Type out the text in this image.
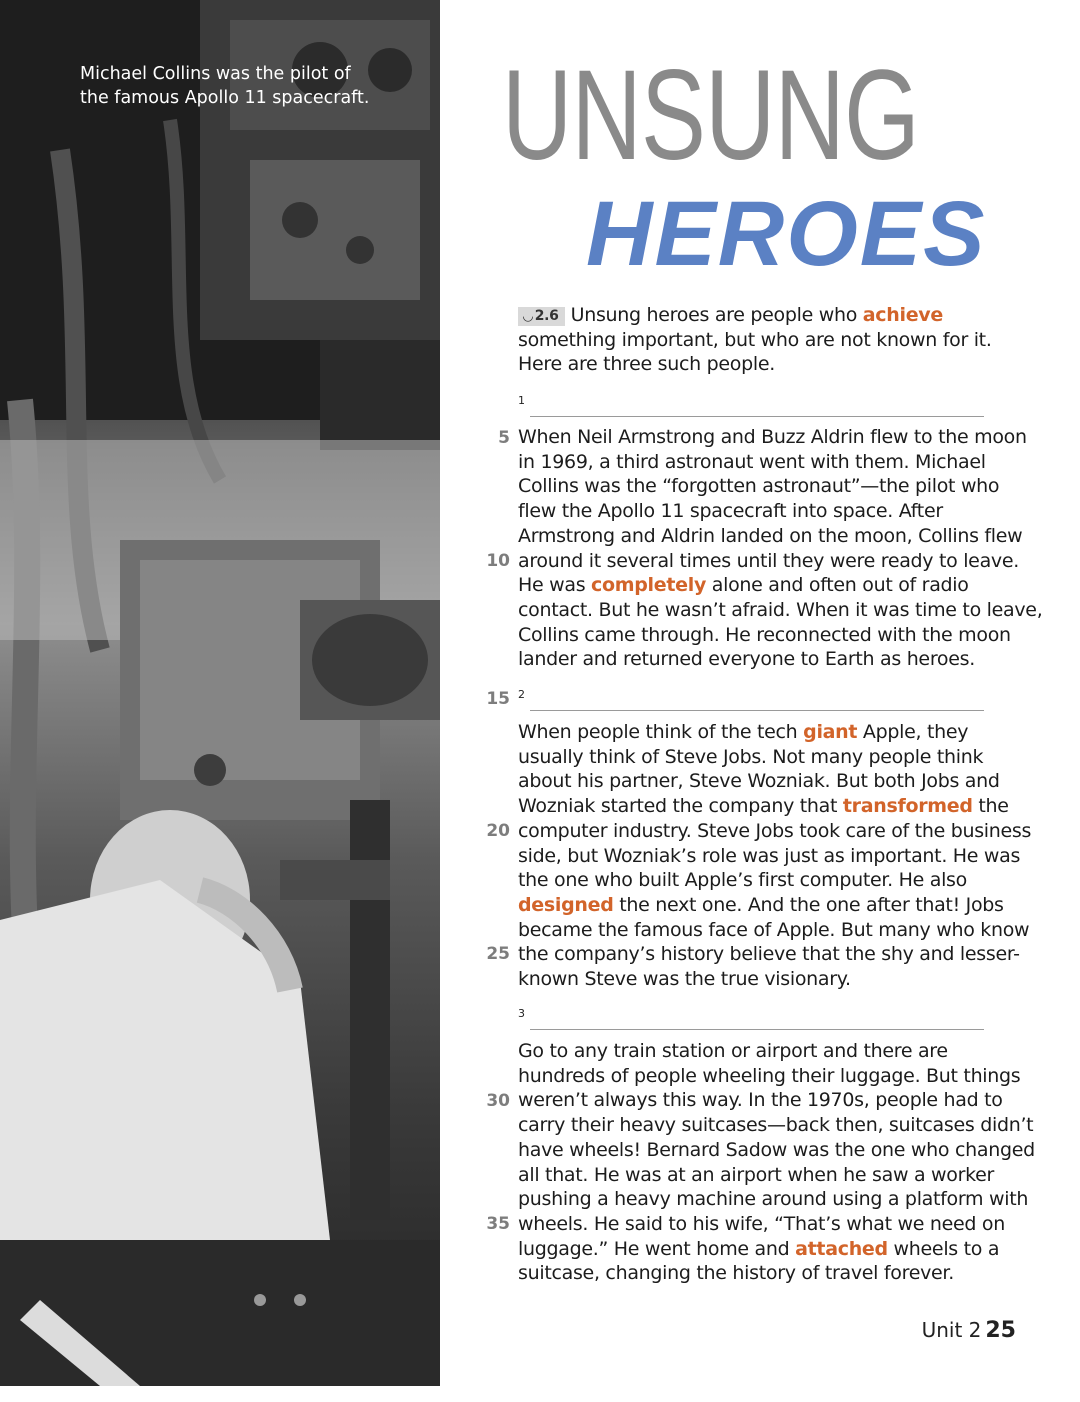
Michael Collins was the pilot of
the famous Apollo 11 spacecraft. UNSUNG
HEROES
◡ 2.6 Unsung heroes are people who achieve
something important, but who are not known for it.
Here are three such people.
1
When Neil Armstrong and Buzz Aldrin flew to the moon
in 1969, a third astronaut went with them. Michael
Collins was the “forgotten astronaut”—the pilot who
flew the Apollo 11 spacecraft into space. After
Armstrong and Aldrin landed on the moon, Collins flew
around it several times until they were ready to leave.
He was completely alone and often out of radio
contact. But he wasn’t afraid. When it was time to leave,
Collins came through. He reconnected with the moon
lander and returned everyone to Earth as heroes.
2
When people think of the tech giant Apple, they
usually think of Steve Jobs. Not many people think
about his partner, Steve Wozniak. But both Jobs and
Wozniak started the company that transformed the
computer industry. Steve Jobs took care of the business
side, but Wozniak’s role was just as important. He was
the one who built Apple’s first computer. He also
designed the next one. And the one after that! Jobs
became the famous face of Apple. But many who know
the company’s history believe that the shy and lesser-
known Steve was the true visionary.
3
Go to any train station or airport and there are
hundreds of people wheeling their luggage. But things
weren’t always this way. In the 1970s, people had to
carry their heavy suitcases—back then, suitcases didn’t
have wheels! Bernard Sadow was the one who changed
all that. He was at an airport when he saw a worker
pushing a heavy machine around using a platform with
wheels. He said to his wife, “That’s what we need on
luggage.” He went home and attached wheels to a
suitcase, changing the history of travel forever.
5
10
15
20
25
30
35
Unit 2 25
